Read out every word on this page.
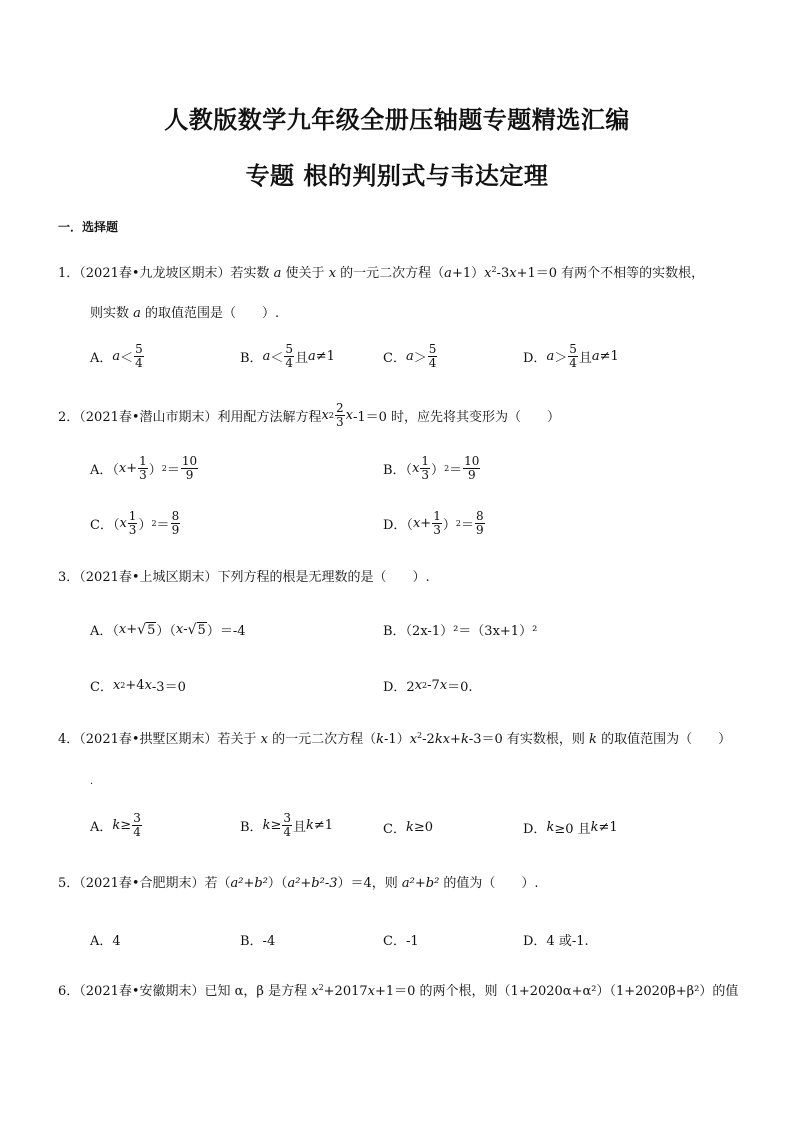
人教版数学九年级全册压轴题专题精选汇编
专题 根的判别式与韦达定理
一．选择题
1．（2021春•九龙坡区期末）若实数 a 使关于 x 的一元二次方程$(a+1)x^2-3x+1=0$ 有两个不相等的实数根，
则实数 a 的取值范围是（　　）.
A． $a < \frac{5}{4}$	B． $a < \frac{5}{4}$ 且 a ≠1	C． $a > \frac{5}{4}$	D． $a > \frac{5}{4}$ 且 a ≠1
2．（2021春•潜山市期末）利用配方法解方程 x $2 \frac{2}{3}$ x -1＝0 时，应先将其变形为（　　）
A．（ $x + \frac{1}{3}$ ） $2 = \frac{10}{9}$	B．（ x $\frac{1}{3}$ ） $2 = \frac{10}{9}$
C．（ x $\frac{1}{3}$ ） $2 = \frac{8}{9}$	D．（ $x + \frac{1}{3}$ ） $2 = \frac{8}{9}$
3．（2021春•上城区期末）下列方程的根是无理数的是（　　）.
A．（ x + √ 5 ）（ x - √ 5 ）＝-4	B．（2x-1）²＝（3x+1）²
C． x 2 +4 x -3＝0	D．2 x 2 -7 x ＝0.
4．（2021春•拱墅区期末）若关于 x 的一元二次方程$(k-1)x^2-2kx+k-3=0$ 有实数根，则 k 的取值范围为（　　）
.
A． $k \ge \frac{3}{4}$	B． $k \ge \frac{3}{4}$ 且 k ≠1	C． k ≥0	D． k ≥0 且 k ≠1
5．（2021春•合肥期末）若（a²+b²）（a²+b²-3）＝4，则 a²+b² 的值为（　　）.
A．4	B．-4	C．-1	D．4 或-1.
6．（2021春•安徽期末）已知 α，β 是方程 $x^2+2017x+1=0$ 的两个根，则（1+2020α+α²）（1+2020β+β²）的值
